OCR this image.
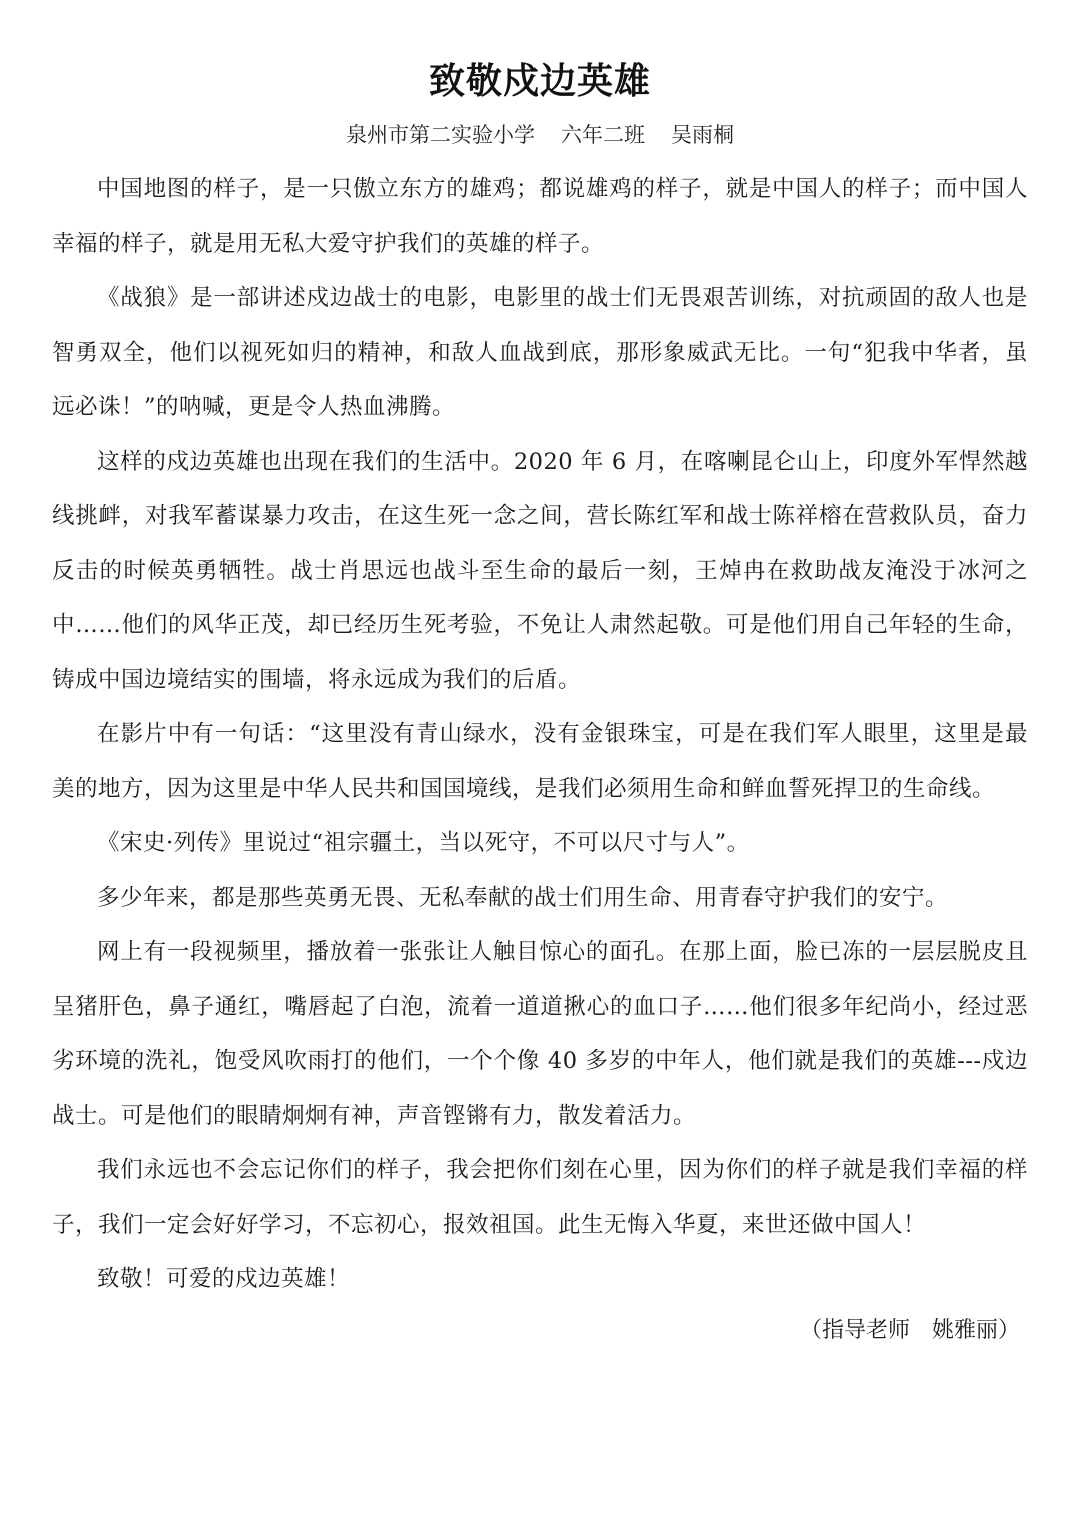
致敬戍边英雄

泉州市第二实验小学 六年二班 吴雨桐

中国地图的样子，是一只傲立东方的雄鸡；都说雄鸡的样子，就是中国人的样子；而中国人幸福的样子，就是用无私大爱守护我们的英雄的样子。

《战狼》是一部讲述戍边战士的电影，电影里的战士们无畏艰苦训练，对抗顽固的敌人也是智勇双全，他们以视死如归的精神，和敌人血战到底，那形象威武无比。一句“犯我中华者，虽远必诛！”的呐喊，更是令人热血沸腾。

这样的戍边英雄也出现在我们的生活中。2020 年 6 月，在喀喇昆仑山上，印度外军悍然越线挑衅，对我军蓄谋暴力攻击，在这生死一念之间，营长陈红军和战士陈祥榕在营救队员，奋力反击的时候英勇牺牲。战士肖思远也战斗至生命的最后一刻，王焯冉在救助战友淹没于冰河之中……他们的风华正茂，却已经历生死考验，不免让人肃然起敬。可是他们用自己年轻的生命，铸成中国边境结实的围墙，将永远成为我们的后盾。

在影片中有一句话：“这里没有青山绿水，没有金银珠宝，可是在我们军人眼里，这里是最美的地方，因为这里是中华人民共和国国境线，是我们必须用生命和鲜血誓死捍卫的生命线。

《宋史·列传》里说过“祖宗疆土，当以死守，不可以尺寸与人”。

多少年来，都是那些英勇无畏、无私奉献的战士们用生命、用青春守护我们的安宁。

网上有一段视频里，播放着一张张让人触目惊心的面孔。在那上面，脸已冻的一层层脱皮且呈猪肝色，鼻子通红，嘴唇起了白泡，流着一道道揪心的血口子……他们很多年纪尚小，经过恶劣环境的洗礼，饱受风吹雨打的他们，一个个像 40 多岁的中年人，他们就是我们的英雄---戍边战士。可是他们的眼睛炯炯有神，声音铿锵有力，散发着活力。

我们永远也不会忘记你们的样子，我会把你们刻在心里，因为你们的样子就是我们幸福的样子，我们一定会好好学习，不忘初心，报效祖国。此生无悔入华夏，来世还做中国人！

致敬！可爱的戍边英雄！

（指导老师　姚雅丽）
